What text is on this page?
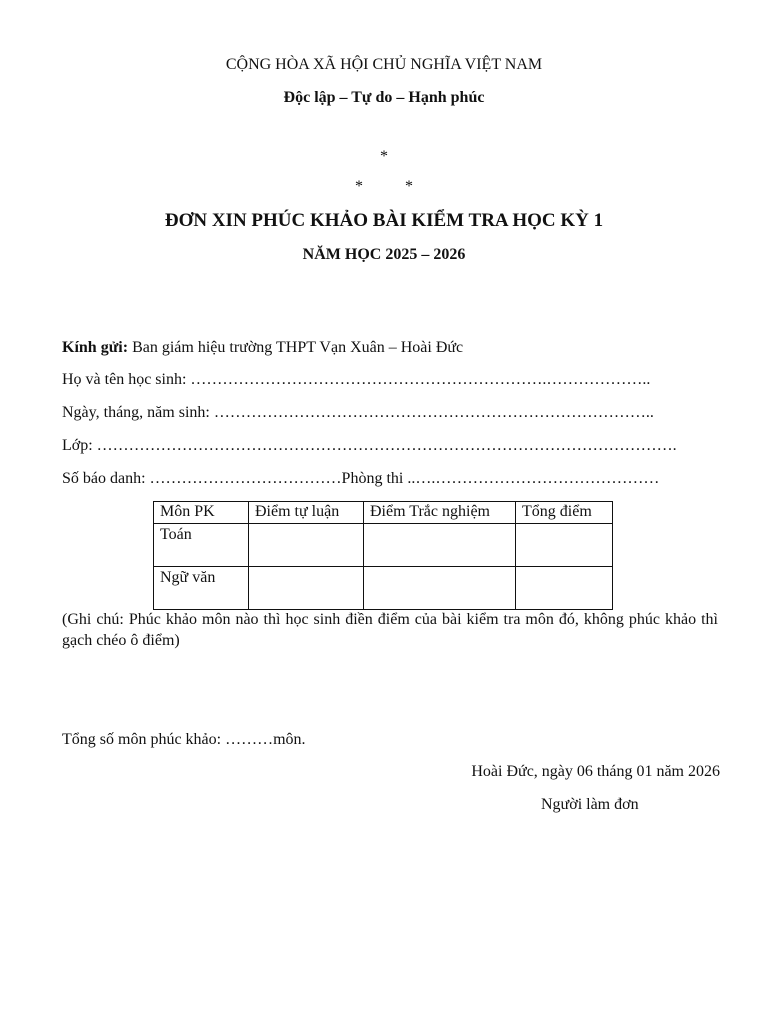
CỘNG HÒA XÃ HỘI CHỦ NGHĨA VIỆT NAM
Độc lập – Tự do – Hạnh phúc
*
*	*
ĐƠN XIN PHÚC KHẢO BÀI KIỂM TRA HỌC KỲ 1
NĂM HỌC 2025 – 2026
Kính gửi: Ban giám hiệu trường THPT Vạn Xuân – Hoài Đức
Họ và tên học sinh: ………………………………………………………….………………..
Ngày, tháng, năm sinh: ………………………………………………………………………..
Lớp: ……………………………………………………………………………………………….
Số báo danh: ………………………………Phòng thi ..….……………………………………
Môn PK	Điểm tự luận	Điểm Trắc nghiệm	Tổng điểm
Toán			
Ngữ văn			
(Ghi chú: Phúc khảo môn nào thì học sinh điền điểm của bài kiểm tra môn đó, không phúc khảo thì gạch chéo ô điểm)
Tổng số môn phúc khảo: ………môn.
Hoài Đức, ngày 06 tháng 01 năm 2026
Người làm đơn
